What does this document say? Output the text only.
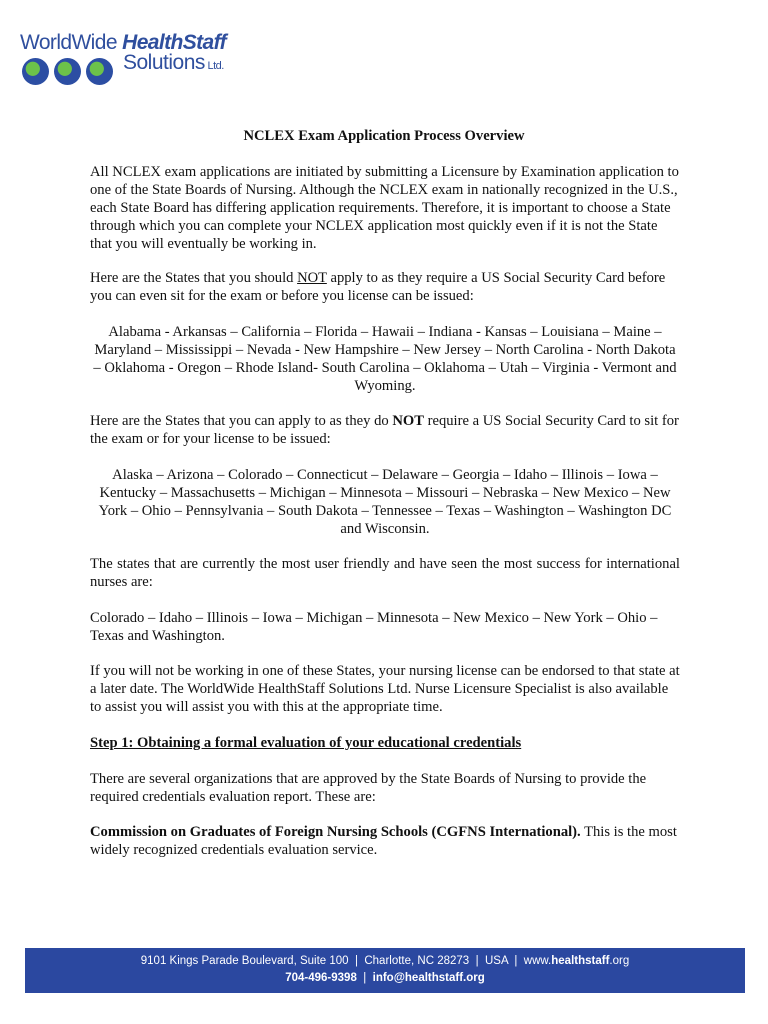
WorldWide HealthStaff
Solutions Ltd.
NCLEX Exam Application Process Overview
All NCLEX exam applications are initiated by submitting a Licensure by Examination application to one of the State Boards of Nursing. Although the NCLEX exam in nationally recognized in the U.S., each State Board has differing application requirements. Therefore, it is important to choose a State through which you can complete your NCLEX application most quickly even if it is not the State that you will eventually be working in.
Here are the States that you should NOT apply to as they require a US Social Security Card before you can even sit for the exam or before you license can be issued:
Alabama - Arkansas – California – Florida – Hawaii – Indiana - Kansas – Louisiana – Maine – Maryland – Mississippi – Nevada - New Hampshire – New Jersey – North Carolina - North Dakota – Oklahoma - Oregon – Rhode Island- South Carolina – Oklahoma – Utah – Virginia - Vermont and Wyoming.
Here are the States that you can apply to as they do NOT require a US Social Security Card to sit for the exam or for your license to be issued:
Alaska – Arizona – Colorado – Connecticut – Delaware – Georgia – Idaho – Illinois – Iowa – Kentucky – Massachusetts – Michigan – Minnesota – Missouri – Nebraska – New Mexico – New York – Ohio – Pennsylvania – South Dakota – Tennessee – Texas – Washington – Washington DC and Wisconsin.
The states that are currently the most user friendly and have seen the most success for international nurses are:
Colorado – Idaho – Illinois – Iowa – Michigan – Minnesota – New Mexico – New York – Ohio – Texas and Washington.
If you will not be working in one of these States, your nursing license can be endorsed to that state at a later date. The WorldWide HealthStaff Solutions Ltd. Nurse Licensure Specialist is also available to assist you will assist you with this at the appropriate time.
Step 1: Obtaining a formal evaluation of your educational credentials
There are several organizations that are approved by the State Boards of Nursing to provide the required credentials evaluation report. These are:
Commission on Graduates of Foreign Nursing Schools (CGFNS International). This is the most widely recognized credentials evaluation service.
9101 Kings Parade Boulevard, Suite 100 | Charlotte, NC 28273 | USA | www.healthstaff.org
704-496-9398 | info@healthstaff.org
